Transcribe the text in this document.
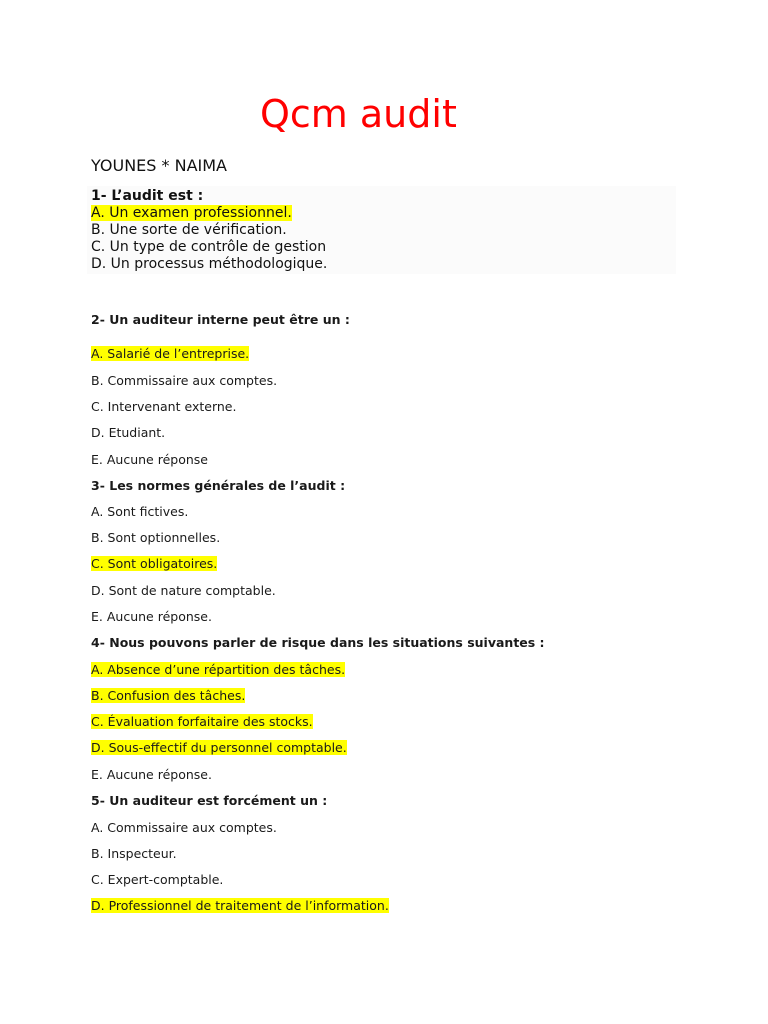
Qcm audit
YOUNES * NAIMA
1- L’audit est :
A. Un examen professionnel.
B. Une sorte de vérification.
C. Un type de contrôle de gestion
D. Un processus méthodologique.
2- Un auditeur interne peut être un :
A. Salarié de l’entreprise.
B. Commissaire aux comptes.
C. Intervenant externe.
D. Etudiant.
E. Aucune réponse
3- Les normes générales de l’audit :
A. Sont fictives.
B. Sont optionnelles.
C. Sont obligatoires.
D. Sont de nature comptable.
E. Aucune réponse.
4- Nous pouvons parler de risque dans les situations suivantes :
A. Absence d’une répartition des tâches.
B. Confusion des tâches.
C. Évaluation forfaitaire des stocks.
D. Sous-effectif du personnel comptable.
E. Aucune réponse.
5- Un auditeur est forcément un :
A. Commissaire aux comptes.
B. Inspecteur.
C. Expert-comptable.
D. Professionnel de traitement de l’information.
